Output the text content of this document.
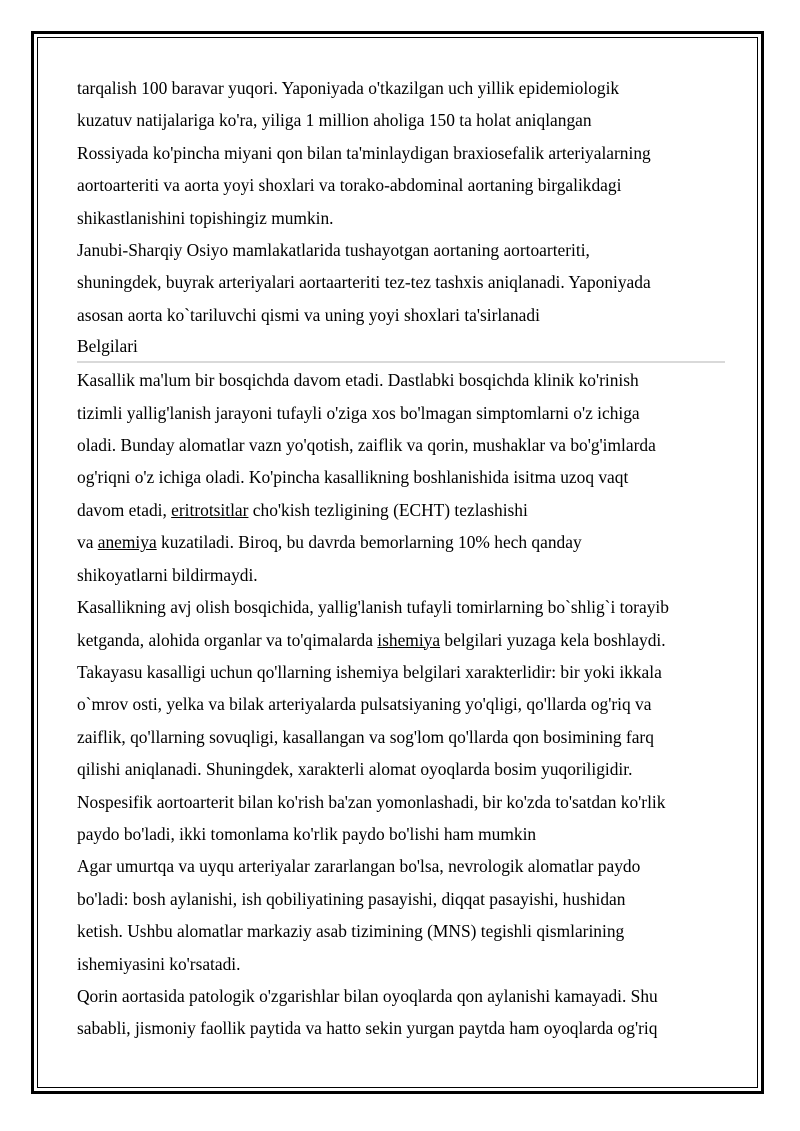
tarqalish 100 baravar yuqori. Yaponiyada o'tkazilgan uch yillik epidemiologik
kuzatuv natijalariga ko'ra, yiliga 1 million aholiga 150 ta holat aniqlangan
Rossiyada ko'pincha miyani qon bilan ta'minlaydigan braxiosefalik arteriyalarning
aortoarteriti va aorta yoyi shoxlari va torako-abdominal aortaning birgalikdagi
shikastlanishini topishingiz mumkin.
Janubi-Sharqiy Osiyo mamlakatlarida tushayotgan aortaning aortoarteriti,
shuningdek, buyrak arteriyalari aortaarteriti tez-tez tashxis aniqlanadi. Yaponiyada
asosan aorta ko`tariluvchi qismi va uning yoyi shoxlari ta'sirlanadi
Belgilari
Kasallik ma'lum bir bosqichda davom etadi. Dastlabki bosqichda klinik ko'rinish
tizimli yallig'lanish jarayoni tufayli o'ziga xos bo'lmagan simptomlarni o'z ichiga
oladi. Bunday alomatlar vazn yo'qotish, zaiflik va qorin, mushaklar va bo'g'imlarda
og'riqni o'z ichiga oladi. Ko'pincha kasallikning boshlanishida isitma uzoq vaqt
davom etadi, eritrotsitlar cho'kish tezligining (ECHT) tezlashishi
va anemiya kuzatiladi. Biroq, bu davrda bemorlarning 10% hech qanday
shikoyatlarni bildirmaydi.
Kasallikning avj olish bosqichida, yallig'lanish tufayli tomirlarning bo`shlig`i torayib
ketganda, alohida organlar va to'qimalarda ishemiya belgilari yuzaga kela boshlaydi.
Takayasu kasalligi uchun qo'llarning ishemiya belgilari xarakterlidir: bir yoki ikkala
o`mrov osti, yelka va bilak arteriyalarda pulsatsiyaning yo'qligi, qo'llarda og'riq va
zaiflik, qo'llarning sovuqligi, kasallangan va sog'lom qo'llarda qon bosimining farq
qilishi aniqlanadi. Shuningdek, xarakterli alomat oyoqlarda bosim yuqoriligidir.
Nospesifik aortoarterit bilan ko'rish ba'zan yomonlashadi, bir ko'zda to'satdan ko'rlik
paydo bo'ladi, ikki tomonlama ko'rlik paydo bo'lishi ham mumkin
Agar umurtqa va uyqu arteriyalar zararlangan bo'lsa, nevrologik alomatlar paydo
bo'ladi: bosh aylanishi, ish qobiliyatining pasayishi, diqqat pasayishi, hushidan
ketish. Ushbu alomatlar markaziy asab tizimining (MNS) tegishli qismlarining
ishemiyasini ko'rsatadi.
Qorin aortasida patologik o'zgarishlar bilan oyoqlarda qon aylanishi kamayadi. Shu
sababli, jismoniy faollik paytida va hatto sekin yurgan paytda ham oyoqlarda og'riq
